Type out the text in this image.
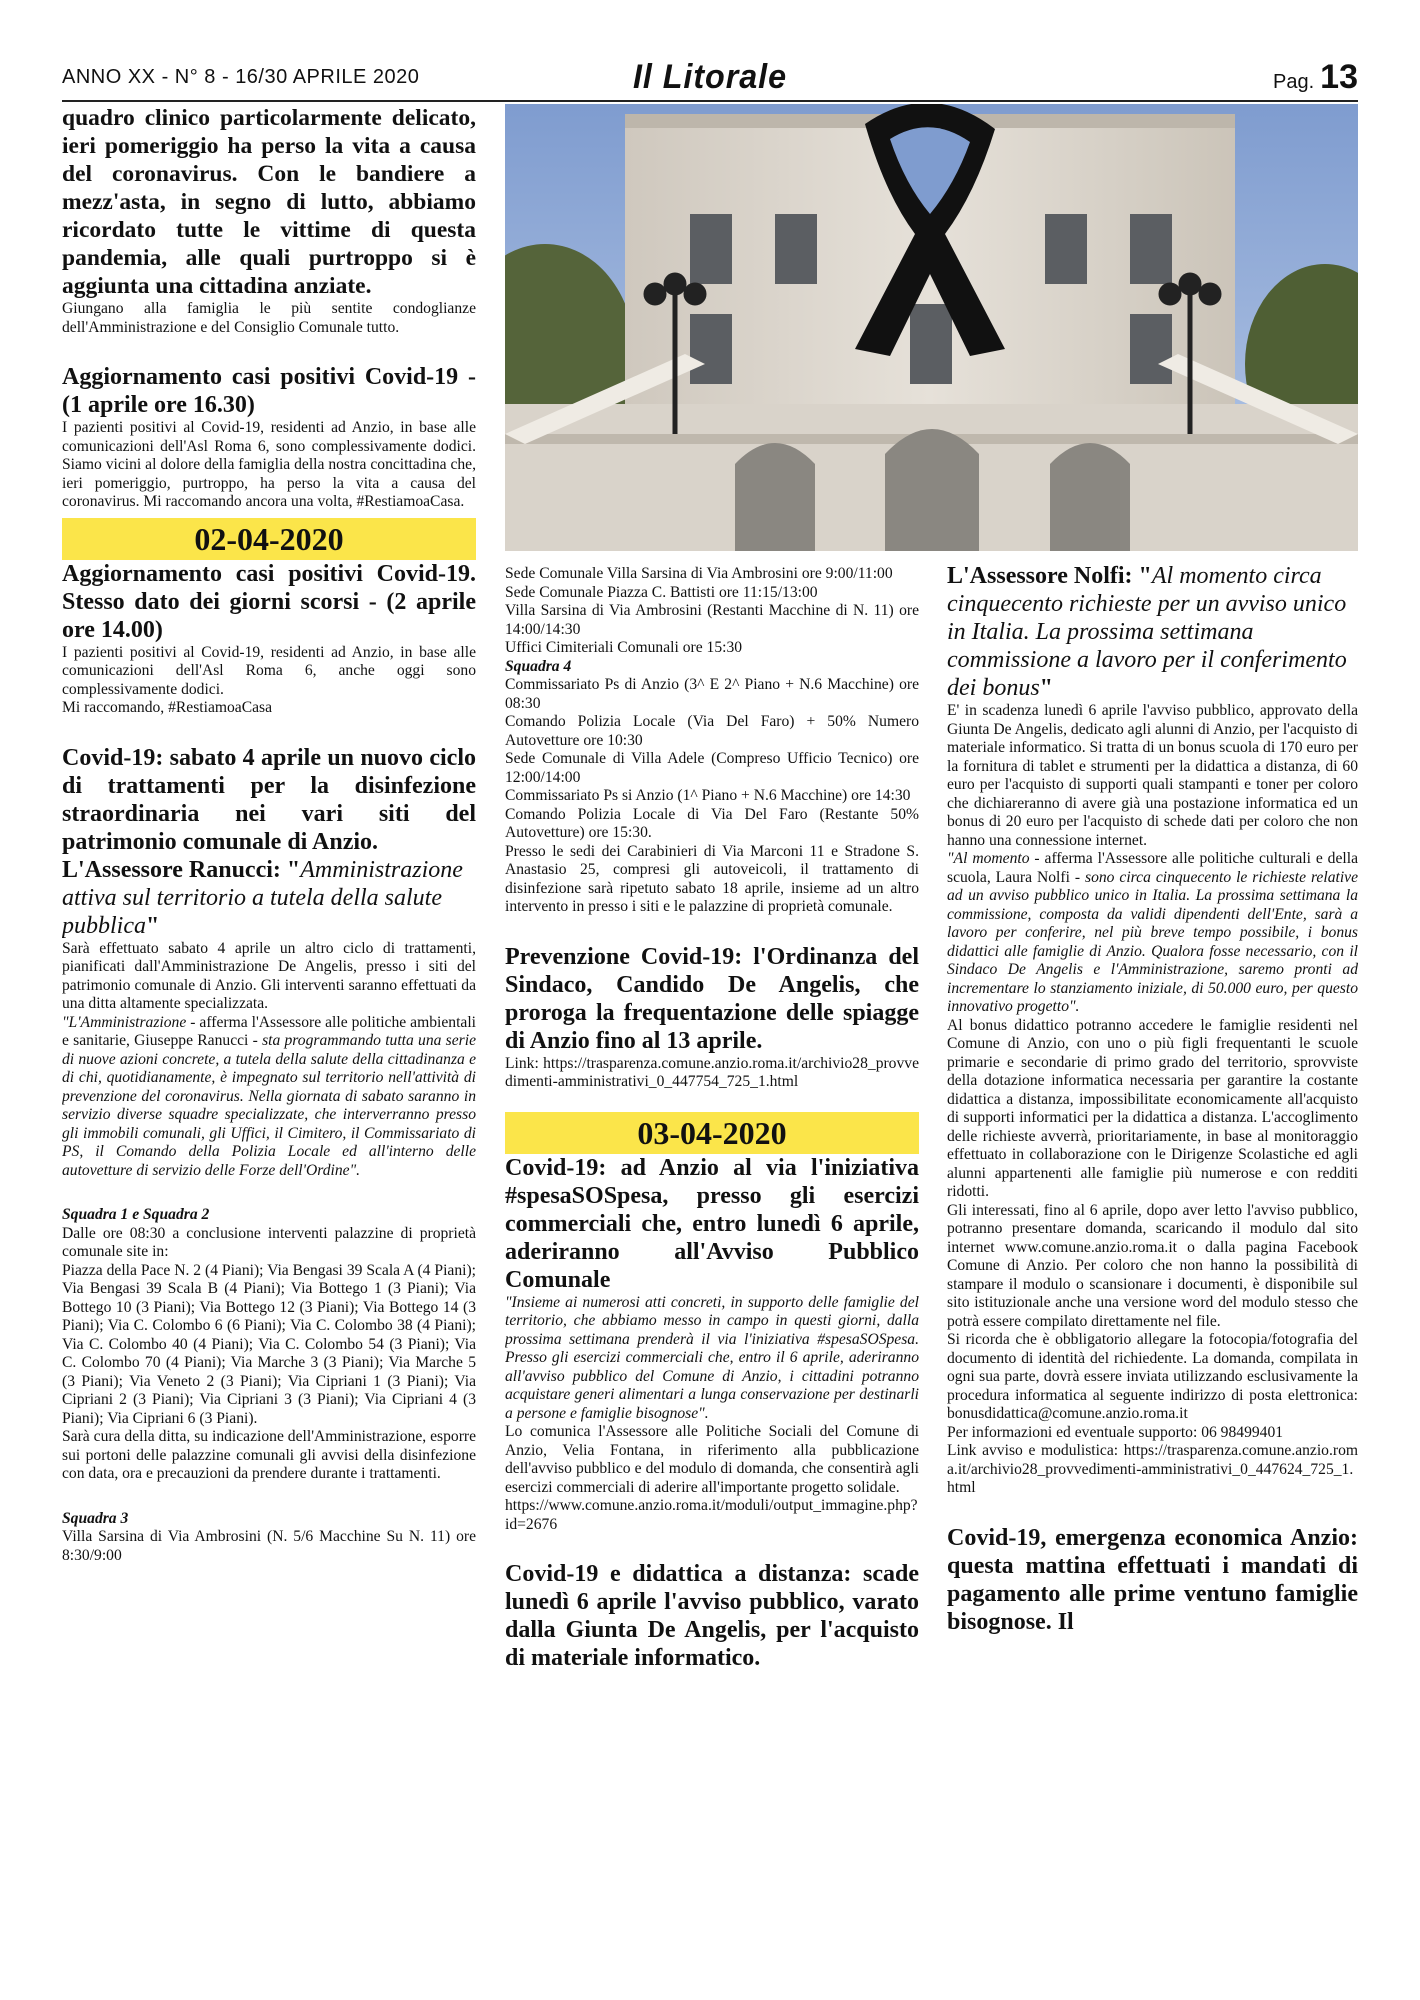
ANNO XX - N° 8 - 16/30 APRILE 2020	Il Litorale	Pag. 13

quadro clinico particolarmente delicato, ieri pomeriggio ha perso la vita a causa del coronavirus. Con le bandiere a mezz'asta, in segno di lutto, abbiamo ricordato tutte le vittime di questa pandemia, alle quali purtroppo si è aggiunta una cittadina anziate.

Giungano alla famiglia le più sentite condoglianze dell'Amministrazione e del Consiglio Comunale tutto.

Aggiornamento casi positivi Covid-19 - (1 aprile ore 16.30)

I pazienti positivi al Covid-19, residenti ad Anzio, in base alle comunicazioni dell'Asl Roma 6, sono complessivamente dodici. Siamo vicini al dolore della famiglia della nostra concittadina che, ieri pomeriggio, purtroppo, ha perso la vita a causa del coronavirus. Mi raccomando ancora una volta, #RestiamoaCasa.

02-04-2020

Aggiornamento casi positivi Covid-19. Stesso dato dei giorni scorsi - (2 aprile ore 14.00)

I pazienti positivi al Covid-19, residenti ad Anzio, in base alle comunicazioni dell'Asl Roma 6, anche oggi sono complessivamente dodici.

Mi raccomando, #RestiamoaCasa

Covid-19: sabato 4 aprile un nuovo ciclo di trattamenti per la disinfezione straordinaria nei vari siti del patrimonio comunale di Anzio.

L'Assessore Ranucci: "Amministrazione attiva sul territorio a tutela della salute pubblica"

Sarà effettuato sabato 4 aprile un altro ciclo di trattamenti, pianificati dall'Amministrazione De Angelis, presso i siti del patrimonio comunale di Anzio. Gli interventi saranno effettuati da una ditta altamente specializzata.

"L'Amministrazione - afferma l'Assessore alle politiche ambientali e sanitarie, Giuseppe Ranucci - sta programmando tutta una serie di nuove azioni concrete, a tutela della salute della cittadinanza e di chi, quotidianamente, è impegnato sul territorio nell'attività di prevenzione del coronavirus. Nella giornata di sabato saranno in servizio diverse squadre specializzate, che interverranno presso gli immobili comunali, gli Uffici, il Cimitero, il Commissariato di PS, il Comando della Polizia Locale ed all'interno delle autovetture di servizio delle Forze dell'Ordine".

Squadra 1 e Squadra 2

Dalle ore 08:30 a conclusione interventi palazzine di proprietà comunale site in:

Piazza della Pace N. 2 (4 Piani); Via Bengasi 39 Scala A (4 Piani); Via Bengasi 39 Scala B (4 Piani); Via Bottego 1 (3 Piani); Via Bottego 10 (3 Piani); Via Bottego 12 (3 Piani); Via Bottego 14 (3 Piani); Via C. Colombo 6 (6 Piani); Via C. Colombo 38 (4 Piani); Via C. Colombo 40 (4 Piani); Via C. Colombo 54 (3 Piani); Via C. Colombo 70 (4 Piani); Via Marche 3 (3 Piani); Via Marche 5 (3 Piani); Via Veneto 2 (3 Piani); Via Cipriani 1 (3 Piani); Via Cipriani 2 (3 Piani); Via Cipriani 3 (3 Piani); Via Cipriani 4 (3 Piani); Via Cipriani 6 (3 Piani).

Sarà cura della ditta, su indicazione dell'Amministrazione, esporre sui portoni delle palazzine comunali gli avvisi della disinfezione con data, ora e precauzioni da prendere durante i trattamenti.

Squadra 3

Villa Sarsina di Via Ambrosini (N. 5/6 Macchine Su N. 11) ore 8:30/9:00

Sede Comunale Villa Sarsina di Via Ambrosini ore 9:00/11:00

Sede Comunale Piazza C. Battisti ore 11:15/13:00

Villa Sarsina di Via Ambrosini (Restanti Macchine di N. 11) ore 14:00/14:30

Uffici Cimiteriali Comunali ore 15:30

Squadra 4

Commissariato Ps di Anzio (3^ E 2^ Piano + N.6 Macchine) ore 08:30

Comando Polizia Locale (Via Del Faro) + 50% Numero Autovetture ore 10:30

Sede Comunale di Villa Adele (Compreso Ufficio Tecnico) ore 12:00/14:00

Commissariato Ps si Anzio (1^ Piano + N.6 Macchine) ore 14:30

Comando Polizia Locale di Via Del Faro (Restante 50% Autovetture) ore 15:30.

Presso le sedi dei Carabinieri di Via Marconi 11 e Stradone S. Anastasio 25, compresi gli autoveicoli, il trattamento di disinfezione sarà ripetuto sabato 18 aprile, insieme ad un altro intervento in presso i siti e le palazzine di proprietà comunale.

Prevenzione Covid-19: l'Ordinanza del Sindaco, Candido De Angelis, che proroga la frequentazione delle spiagge di Anzio fino al 13 aprile.

Link: https://trasparenza.comune.anzio.roma.it/archivio28_provvedimenti-amministrativi_0_447754_725_1.html

03-04-2020

Covid-19: ad Anzio al via l'iniziativa #spesaSOSpesa, presso gli esercizi commerciali che, entro lunedì 6 aprile, aderiranno all'Avviso Pubblico Comunale

"Insieme ai numerosi atti concreti, in supporto delle famiglie del territorio, che abbiamo messo in campo in questi giorni, dalla prossima settimana prenderà il via l'iniziativa #spesaSOSpesa. Presso gli esercizi commerciali che, entro il 6 aprile, aderiranno all'avviso pubblico del Comune di Anzio, i cittadini potranno acquistare generi alimentari a lunga conservazione per destinarli a persone e famiglie bisognose".

Lo comunica l'Assessore alle Politiche Sociali del Comune di Anzio, Velia Fontana, in riferimento alla pubblicazione dell'avviso pubblico e del modulo di domanda, che consentirà agli esercizi commerciali di aderire all'importante progetto solidale.

https://www.comune.anzio.roma.it/moduli/output_immagine.php?id=2676

Covid-19 e didattica a distanza: scade lunedì 6 aprile l'avviso pubblico, varato dalla Giunta De Angelis, per l'acquisto di materiale informatico.

L'Assessore Nolfi: "Al momento circa cinquecento richieste per un avviso unico in Italia. La prossima settimana commissione a lavoro per il conferimento dei bonus"

E' in scadenza lunedì 6 aprile l'avviso pubblico, approvato della Giunta De Angelis, dedicato agli alunni di Anzio, per l'acquisto di materiale informatico. Si tratta di un bonus scuola di 170 euro per la fornitura di tablet e strumenti per la didattica a distanza, di 60 euro per l'acquisto di supporti quali stampanti e toner per coloro che dichiareranno di avere già una postazione informatica ed un bonus di 20 euro per l'acquisto di schede dati per coloro che non hanno una connessione internet.

"Al momento - afferma l'Assessore alle politiche culturali e della scuola, Laura Nolfi - sono circa cinquecento le richieste relative ad un avviso pubblico unico in Italia. La prossima settimana la commissione, composta da validi dipendenti dell'Ente, sarà a lavoro per conferire, nel più breve tempo possibile, i bonus didattici alle famiglie di Anzio. Qualora fosse necessario, con il Sindaco De Angelis e l'Amministrazione, saremo pronti ad incrementare lo stanziamento iniziale, di 50.000 euro, per questo innovativo progetto".

Al bonus didattico potranno accedere le famiglie residenti nel Comune di Anzio, con uno o più figli frequentanti le scuole primarie e secondarie di primo grado del territorio, sprovviste della dotazione informatica necessaria per garantire la costante didattica a distanza, impossibilitate economicamente all'acquisto di supporti informatici per la didattica a distanza. L'accoglimento delle richieste avverrà, prioritariamente, in base al monitoraggio effettuato in collaborazione con le Dirigenze Scolastiche ed agli alunni appartenenti alle famiglie più numerose e con redditi ridotti.

Gli interessati, fino al 6 aprile, dopo aver letto l'avviso pubblico, potranno presentare domanda, scaricando il modulo dal sito internet www.comune.anzio.roma.it o dalla pagina Facebook Comune di Anzio. Per coloro che non hanno la possibilità di stampare il modulo o scansionare i documenti, è disponibile sul sito istituzionale anche una versione word del modulo stesso che potrà essere compilato direttamente nel file.

Si ricorda che è obbligatorio allegare la fotocopia/fotografia del documento di identità del richiedente. La domanda, compilata in ogni sua parte, dovrà essere inviata utilizzando esclusivamente la procedura informatica al seguente indirizzo di posta elettronica: bonusdidattica@comune.anzio.roma.it

Per informazioni ed eventuale supporto: 06 98499401

Link avviso e modulistica: https://trasparenza.comune.anzio.roma.it/archivio28_provvedimenti-amministrativi_0_447624_725_1.html

Covid-19, emergenza economica Anzio: questa mattina effettuati i mandati di pagamento alle prime ventuno famiglie bisognose. Il
